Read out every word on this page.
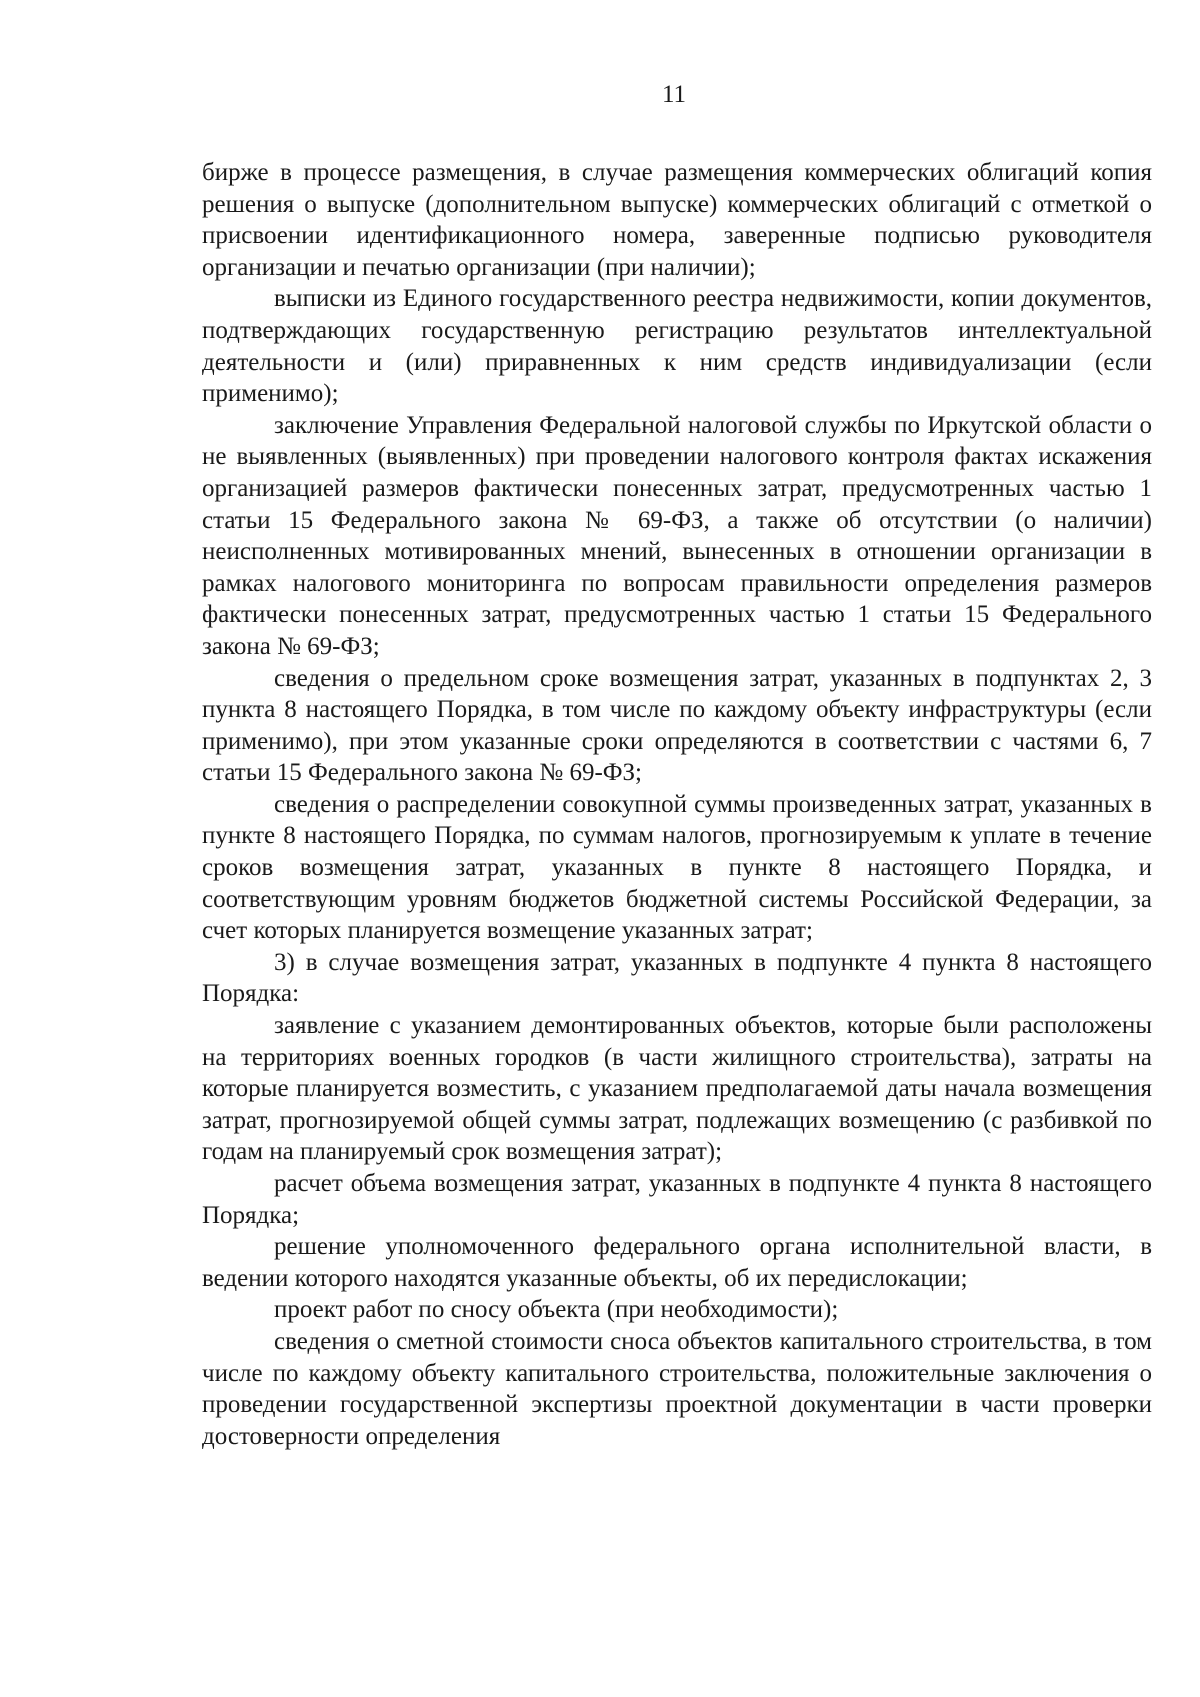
11

бирже в процессе размещения, в случае размещения коммерческих облигаций копия решения о выпуске (дополнительном выпуске) коммерческих облигаций с отметкой о присвоении идентификационного номера, заверенные подписью руководителя организации и печатью организации (при наличии);

выписки из Единого государственного реестра недвижимости, копии документов, подтверждающих государственную регистрацию результатов интеллектуальной деятельности и (или) приравненных к ним средств индивидуализации (если применимо);

заключение Управления Федеральной налоговой службы по Иркутской области о не выявленных (выявленных) при проведении налогового контроля фактах искажения организацией размеров фактически понесенных затрат, предусмотренных частью 1 статьи 15 Федерального закона № 69-ФЗ, а также об отсутствии (о наличии) неисполненных мотивированных мнений, вынесенных в отношении организации в рамках налогового мониторинга по вопросам правильности определения размеров фактически понесенных затрат, предусмотренных частью 1 статьи 15 Федерального закона № 69-ФЗ;

сведения о предельном сроке возмещения затрат, указанных в подпунктах 2, 3 пункта 8 настоящего Порядка, в том числе по каждому объекту инфраструктуры (если применимо), при этом указанные сроки определяются в соответствии с частями 6, 7 статьи 15 Федерального закона № 69-ФЗ;

сведения о распределении совокупной суммы произведенных затрат, указанных в пункте 8 настоящего Порядка, по суммам налогов, прогнозируемым к уплате в течение сроков возмещения затрат, указанных в пункте 8 настоящего Порядка, и соответствующим уровням бюджетов бюджетной системы Российской Федерации, за счет которых планируется возмещение указанных затрат;

3) в случае возмещения затрат, указанных в подпункте 4 пункта 8 настоящего Порядка:

заявление с указанием демонтированных объектов, которые были расположены на территориях военных городков (в части жилищного строительства), затраты на которые планируется возместить, с указанием предполагаемой даты начала возмещения затрат, прогнозируемой общей суммы затрат, подлежащих возмещению (с разбивкой по годам на планируемый срок возмещения затрат);

расчет объема возмещения затрат, указанных в подпункте 4 пункта 8 настоящего Порядка;

решение уполномоченного федерального органа исполнительной власти, в ведении которого находятся указанные объекты, об их передислокации;

проект работ по сносу объекта (при необходимости);

сведения о сметной стоимости сноса объектов капитального строительства, в том числе по каждому объекту капитального строительства, положительные заключения о проведении государственной экспертизы проектной документации в части проверки достоверности определения
